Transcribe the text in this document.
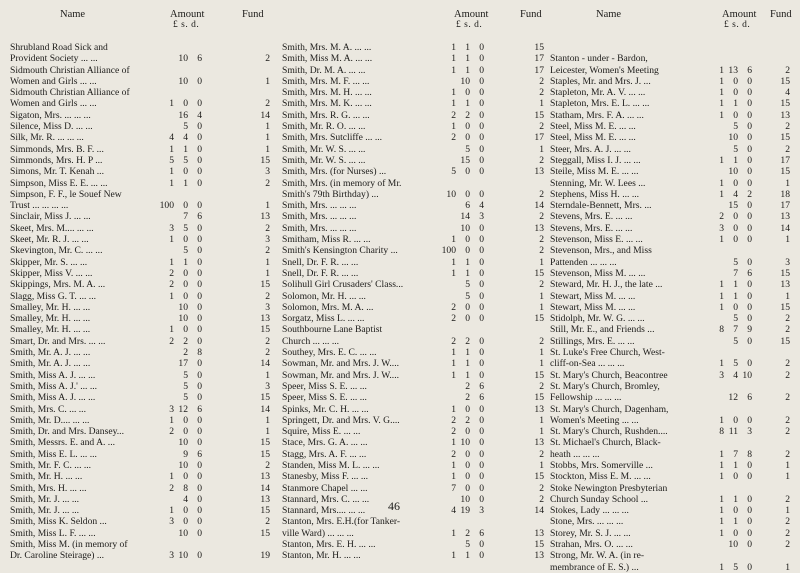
Name	Amount	Fund
£ s. d.
Amount	Fund
£ s. d.
Name	Amount Fund
£ s. d.
Shrubland Road Sick and
Provident Society ... ...	10 6	2
Sidmouth Christian Alliance of
Women and Girls ... ...	10 0	1
Sidmouth Christian Alliance of
Women and Girls ... ...	1 0 0	2
Sigaton, Mrs. ... ... ...	16 4	14
Silence, Miss D. ... ...	5 0	1
Silk, Mr. R. ... ... ...	4 4 0	1
Simmonds, Mrs. B. F. ...	1 1 0	1
Simmonds, Mrs. H. P ...	5 5 0	15
Simons, Mr. T. Kenah ...	1 0 0	3
Simpson, Miss E. E. ... ...	1 1 0	2
Simpson, F. F., le Souef New
Trust ... ... ... ...	100 0 0	1
Sinclair, Miss J. ... ...	7 6	13
Skeet, Mrs. M.... ... ...	3 5 0	2
Skeet, Mr. R. J. ... ...	1 0 0	3
Skevington, Mr. C. ... ...	5 0	2
Skipper, Mr. S. ... ...	1 1 0	1
Skipper, Miss V. ... ...	2 0 0	1
Skippings, Mrs. M. A. ...	2 0 0	15
Slagg, Miss G. T. ... ...	1 0 0	2
Smalley, Mr. H. ... ...	10 0	3
Smalley, Mr. H. ... ...	10 0	13
Smalley, Mr. H. ... ...	1 0 0	15
Smart, Dr. and Mrs. ... ...	2 2 0	2
Smith, Mr. A. J. ... ...	2 8	2
Smith, Mr. A. J. ... ...	17 0	14
Smith, Miss A. J. ... ...	5 0	1
Smith, Miss A. J.' ... ...	5 0	3
Smith, Miss A. J. ... ...	5 0	15
Smith, Mrs. C. ... ...	3 12 6	14
Smith, Mr. D.... ... ...	1 0 0	1
Smith, Dr. and Mrs. Dansey...	2 0 0	1
Smith, Messrs. E. and A. ...	10 0	15
Smith, Miss E. L. ... ...	9 6	15
Smith, Mr. F. C. ... ...	10 0	2
Smith, Mr. H. ... ...	1 0 0	13
Smith, Mrs. H. ... ...	2 8 0	14
Smith, Mr. J. ... ...	4 0	13
Smith, Mr. J. ... ...	1 0 0	15
Smith, Miss K. Seldon ...	3 0 0	2
Smith, Miss L. F. ... ...	10 0	15
Smith, Miss M. (in memory of
Dr. Caroline Steirage) ...	3 10 0	19
Smith, Mrs. M. A. ... ...	1 1 0	15
Smith, Miss M. A. ... ...	1 1 0	17
Smith, Dr. M. A. ... ...	1 1 0	17
Smith, Mrs. M. F. ... ...	10 0	2
Smith, Mrs. M. H. ... ...	1 0 0	2
Smith, Mrs. M. K. ... ...	1 1 0	1
Smith, Mrs. R. G. ... ...	2 2 0	15
Smith, Mr. R. O. ... ...	1 0 0	2
Smith, Mrs. Sutcliffe ... ...	2 0 0	17
Smith, Mr. W. S. ... ...	5 0	1
Smith, Mr. W. S. ... ...	15 0	2
Smith, Mrs. (for Nurses) ...	5 0 0	13
Smith, Mrs. (in memory of Mr.
Smith's 79th Birthday) ...	10 0 0	2
Smith, Mrs. ... ... ...	6 4	14
Smith, Mrs. ... ... ...	14 3	2
Smith, Mrs. ... ... ...	10 0	13
Smitham, Miss R. ... ...	1 0 0	2
Smith's Kensington Charity ...	100 0 0	2
Snell, Dr. F. R. ... ...	1 1 0	1
Snell, Dr. F. R. ... ...	1 1 0	15
Solihull Girl Crusaders' Class...	5 0	2
Solomon, Mr. H. ... ...	5 0	1
Solomon, Mrs. M. A. ...	2 0 0	1
Sorgatz, Miss L. ... ...	2 0 0	15
Southbourne Lane Baptist
Church ... ... ...	2 2 0	2
Southey, Mrs. E. C. ... ...	1 1 0	1
Sowman, Mr. and Mrs. J. W....	1 1 0	1
Sowman, Mr. and Mrs. J. W....	1 1 0	15
Speer, Miss S. E. ... ...	2 6	2
Speer, Miss S. E. ... ...	2 6	15
Spinks, Mr. C. H. ... ...	1 0 0	13
Springett, Dr. and Mrs. V. G....	2 2 0	1
Squire, Miss E. ... ...	2 0 0	1
Stace, Mrs. G. A. ... ...	1 10 0	13
Stagg, Mrs. A. F. ... ...	2 0 0	2
Standen, Miss M. L. ... ...	1 0 0	1
Stanesby, Miss F. ... ...	1 0 0	15
Stanmore Chapel ... ...	7 0 0	2
Stannard, Mrs. C. ... ...	10 0	2
Stannard, Mrs.... ... ...	4 19 3	14
Stanton, Mrs. E.H.(for Tanker-
ville Ward) ... ... ...	1 2 6	13
Stanton, Mrs. E. H. ... ...	5 0	15
Stanton, Mr. H. ... ...	1 1 0	13
Stanton - under - Bardon,
Leicester, Women's Meeting	1 13 6	2
Staples, Mr. and Mrs. J. ...	1 0 0	15
Stapleton, Mr. A. V. ... ...	1 0 0	4
Stapleton, Mrs. E. L. ... ...	1 1 0	15
Statham, Mrs. F. A. ... ...	1 0 0	13
Steel, Miss M. E. ... ...	5 0	2
Steel, Miss M. E. ... ...	10 0	15
Steer, Mrs. A. J. ... ...	5 0	2
Steggall, Miss I. J. ... ...	1 1 0	17
Steile, Miss M. E. ... ...	10 0	15
Stenning, Mr. W. Lees ...	1 0 0	1
Stephens, Miss H. ... ...	1 4 2	18
Sterndale-Bennett, Mrs. ...	15 0	17
Stevens, Mrs. E. ... ...	2 0 0	13
Stevens, Mrs. E. ... ...	3 0 0	14
Stevenson, Miss E. ... ...	1 0 0	1
Stevenson, Mrs., and Miss
Pattenden ... ... ...	5 0	3
Stevenson, Miss M. ... ...	7 6	15
Steward, Mr. H. J., the late ...	1 1 0	13
Stewart, Miss M. ... ...	1 1 0	1
Stewart, Miss M. ... ...	1 0 0	15
Stidolph, Mr. W. G. ... ...	5 0	2
Still, Mr. E., and Friends ...	8 7 9	2
Stillings, Mrs. E. ... ...	5 0	15
St. Luke's Free Church, West-
cliff-on-Sea ... ... ...	1 5 0	2
St. Mary's Church, Beacontree	3 4 10	2
St. Mary's Church, Bromley,
Fellowship ... ... ...	12 6	2
St. Mary's Church, Dagenham,
Women's Meeting ... ...	1 0 0	2
St. Mary's Church, Rushden....	8 11 3	2
St. Michael's Church, Black-
heath ... ... ...	1 7 8	2
Stobbs, Mrs. Somerville ...	1 1 0	1
Stockton, Miss E. M. ... ...	1 0 0	1
Stoke Newington Presbyterian
Church Sunday School ...	1 1 0	2
Stokes, Lady ... ... ...	1 0 0	1
Stone, Mrs. ... ... ...	1 1 0	2
Storey, Mr. S. J. ... ...	1 0 0	2
Strahan, Mrs. O. ... ...	10 0	2
Strong, Mr. W. A. (in re-
membrance of E. S.) ...	1 5 0	1
46
